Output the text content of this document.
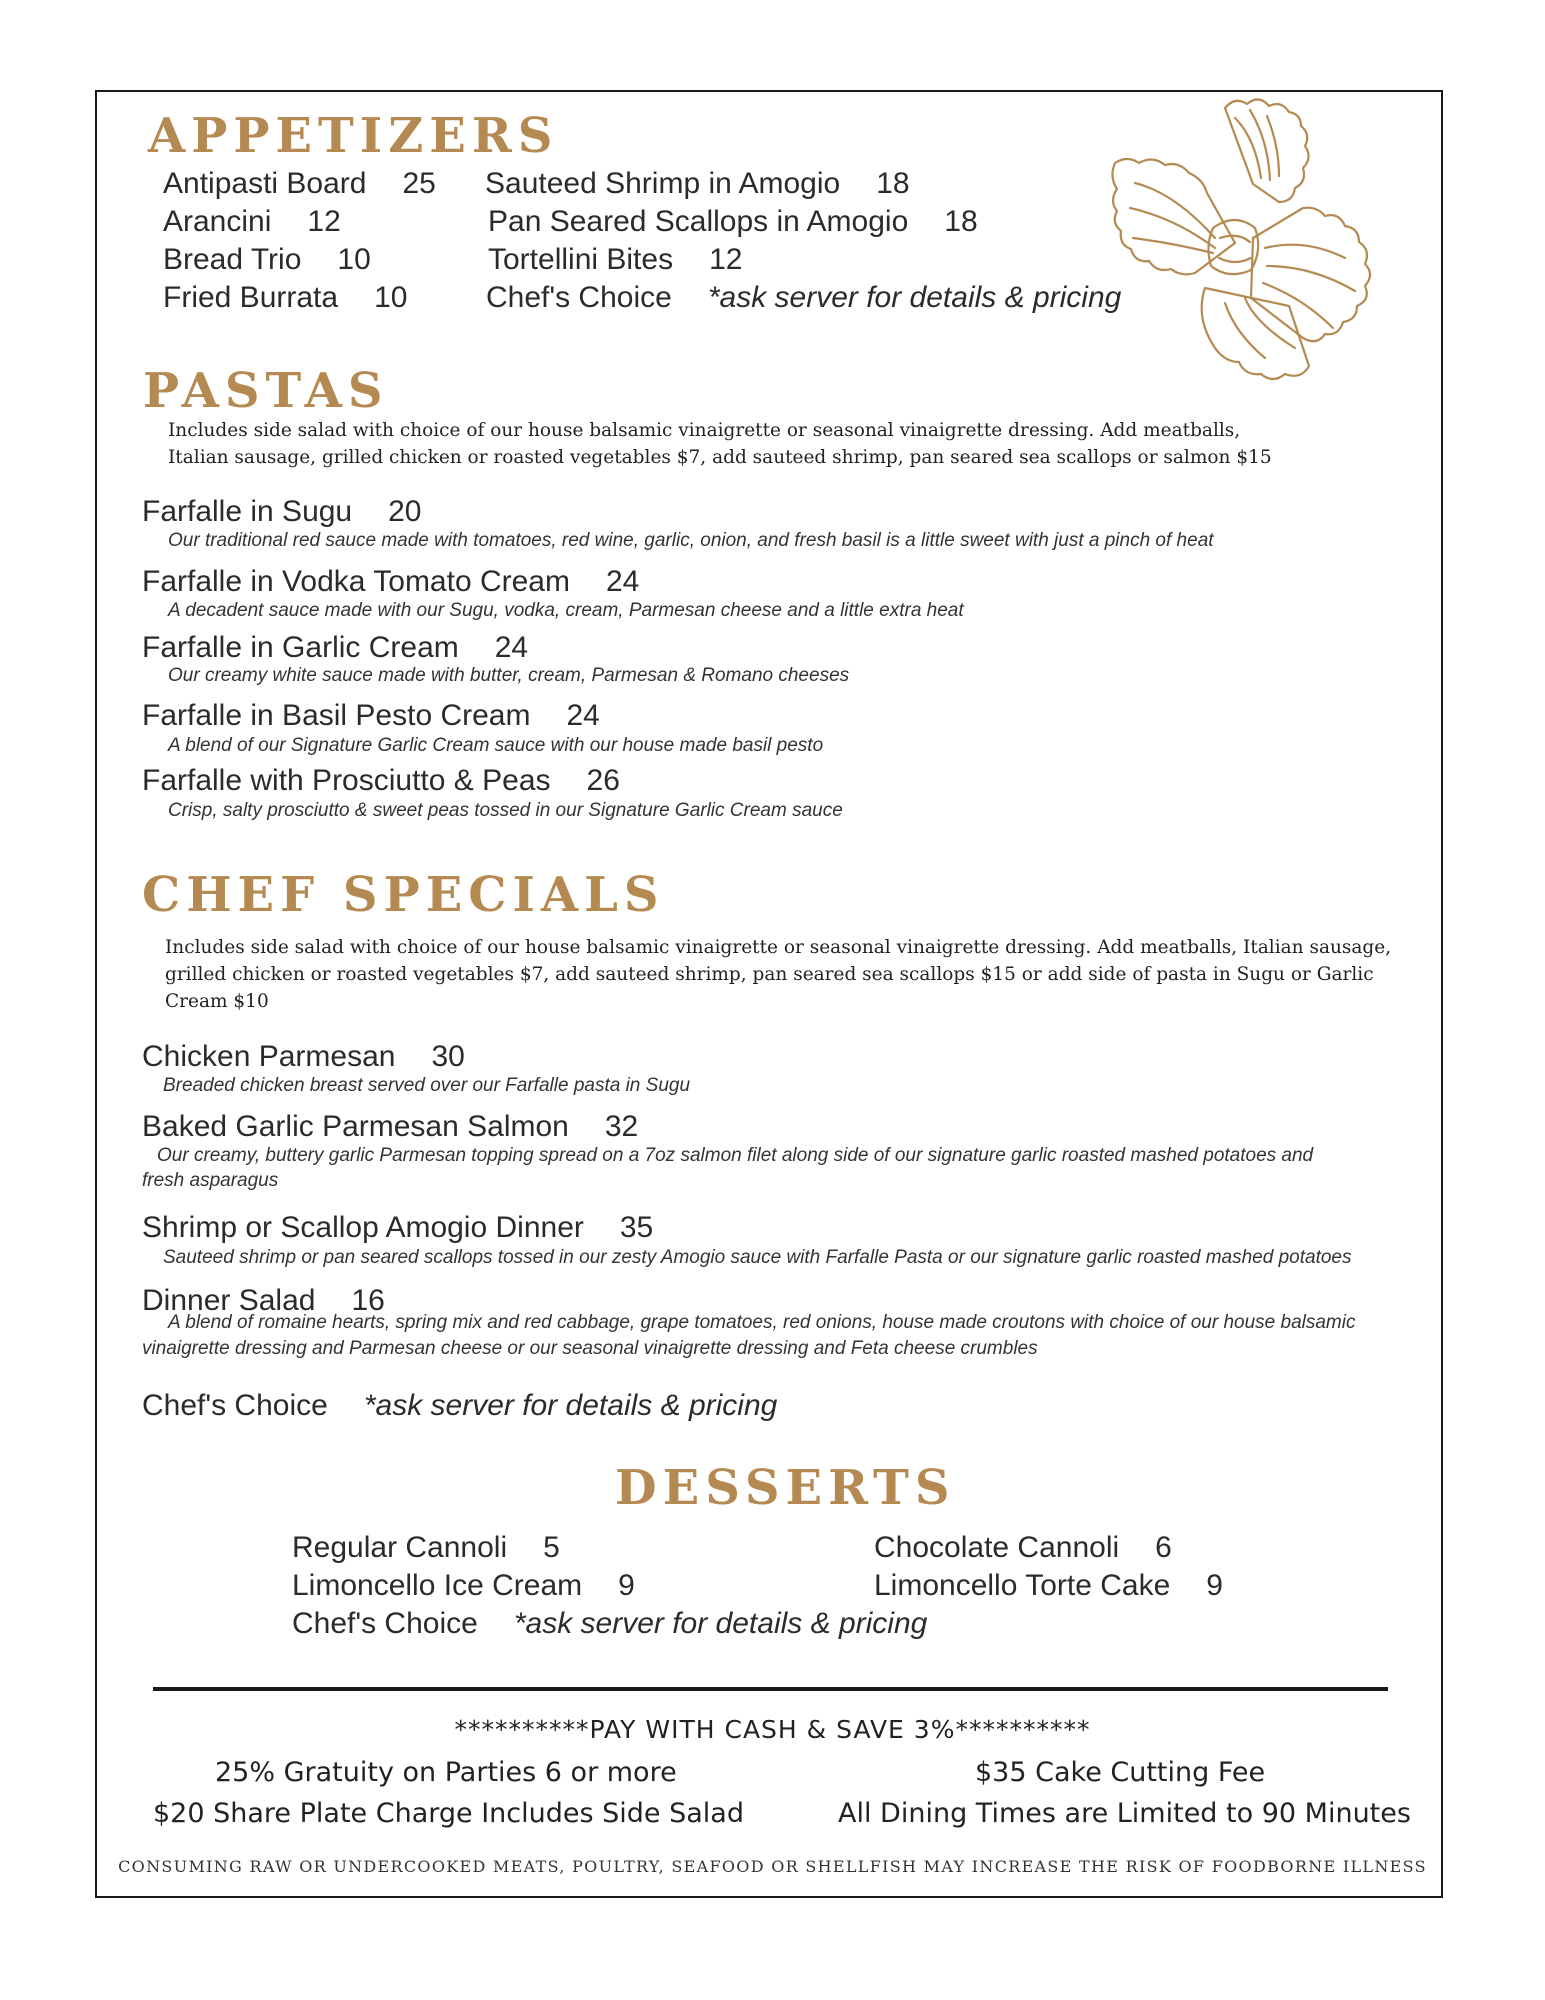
APPETIZERS
Antipasti Board 25
Arancini 12
Bread Trio 10
Fried Burrata 10
Sauteed Shrimp in Amogio 18
Pan Seared Scallops in Amogio 18
Tortellini Bites 12
Chef's Choice *ask server for details & pricing
PASTAS
Includes side salad with choice of our house balsamic vinaigrette or seasonal vinaigrette dressing. Add meatballs,
Italian sausage, grilled chicken or roasted vegetables $7, add sauteed shrimp, pan seared sea scallops or salmon $15
Farfalle in Sugu 20
Our traditional red sauce made with tomatoes, red wine, garlic, onion, and fresh basil is a little sweet with just a pinch of heat
Farfalle in Vodka Tomato Cream 24
A decadent sauce made with our Sugu, vodka, cream, Parmesan cheese and a little extra heat
Farfalle in Garlic Cream 24
Our creamy white sauce made with butter, cream, Parmesan & Romano cheeses
Farfalle in Basil Pesto Cream 24
A blend of our Signature Garlic Cream sauce with our house made basil pesto
Farfalle with Prosciutto & Peas 26
Crisp, salty prosciutto & sweet peas tossed in our Signature Garlic Cream sauce
CHEF SPECIALS
Includes side salad with choice of our house balsamic vinaigrette or seasonal vinaigrette dressing. Add meatballs, Italian sausage,
grilled chicken or roasted vegetables $7, add sauteed shrimp, pan seared sea scallops $15 or add side of pasta in Sugu or Garlic
Cream $10
Chicken Parmesan 30
Breaded chicken breast served over our Farfalle pasta in Sugu
Baked Garlic Parmesan Salmon 32
Our creamy, buttery garlic Parmesan topping spread on a 7oz salmon filet along side of our signature garlic roasted mashed potatoes and
fresh asparagus
Shrimp or Scallop Amogio Dinner 35
Sauteed shrimp or pan seared scallops tossed in our zesty Amogio sauce with Farfalle Pasta or our signature garlic roasted mashed potatoes
Dinner Salad 16
A blend of romaine hearts, spring mix and red cabbage, grape tomatoes, red onions, house made croutons with choice of our house balsamic
vinaigrette dressing and Parmesan cheese or our seasonal vinaigrette dressing and Feta cheese crumbles
Chef's Choice *ask server for details & pricing
DESSERTS
Regular Cannoli 5
Limoncello Ice Cream 9
Chef's Choice *ask server for details & pricing
Chocolate Cannoli 6
Limoncello Torte Cake 9
**********PAY WITH CASH & SAVE 3%**********
25% Gratuity on Parties 6 or more
$20 Share Plate Charge Includes Side Salad
$35 Cake Cutting Fee
All Dining Times are Limited to 90 Minutes
CONSUMING RAW OR UNDERCOOKED MEATS, POULTRY, SEAFOOD OR SHELLFISH MAY INCREASE THE RISK OF FOODBORNE ILLNESS
